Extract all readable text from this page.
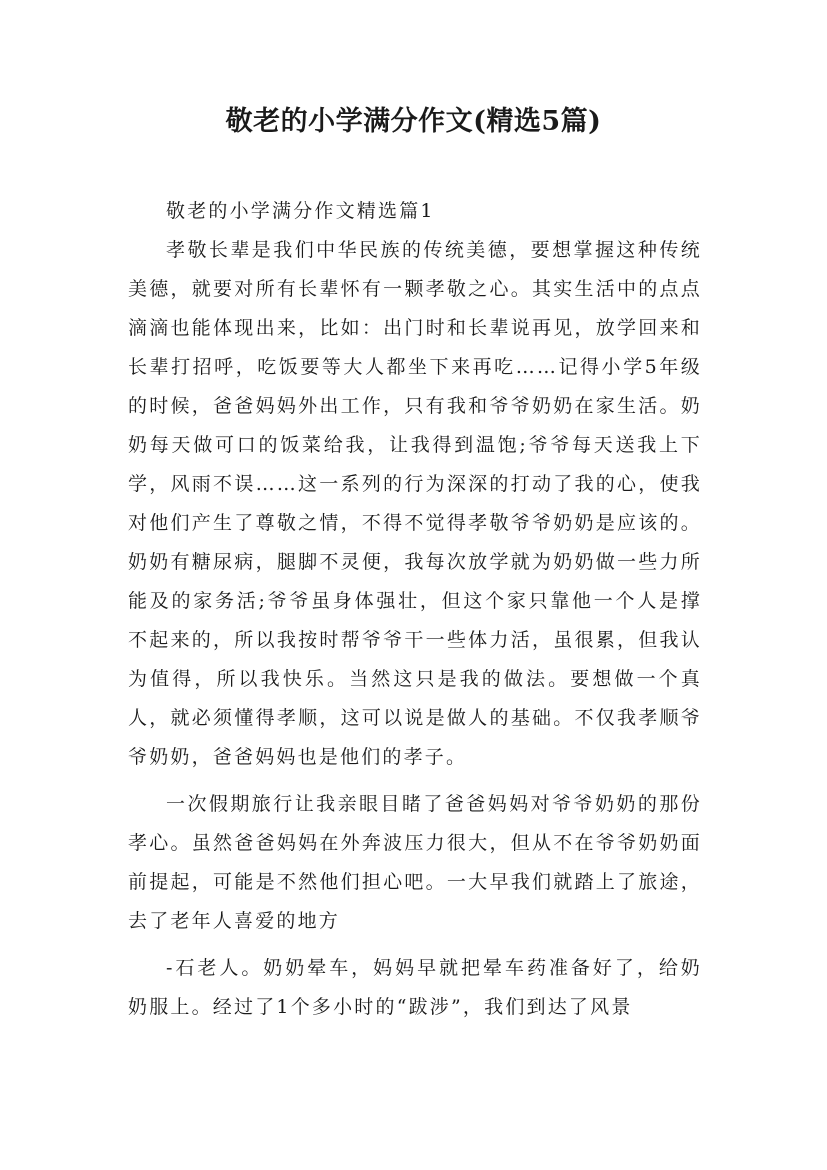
敬老的小学满分作文(精选5篇)

敬老的小学满分作文精选篇1

孝敬长辈是我们中华民族的传统美德，要想掌握这种传统美德，就要对所有长辈怀有一颗孝敬之心。其实生活中的点点滴滴也能体现出来，比如：出门时和长辈说再见，放学回来和长辈打招呼，吃饭要等大人都坐下来再吃……记得小学5年级的时候，爸爸妈妈外出工作，只有我和爷爷奶奶在家生活。奶奶每天做可口的饭菜给我，让我得到温饱;爷爷每天送我上下学，风雨不误……这一系列的行为深深的打动了我的心，使我对他们产生了尊敬之情，不得不觉得孝敬爷爷奶奶是应该的。奶奶有糖尿病，腿脚不灵便，我每次放学就为奶奶做一些力所能及的家务活;爷爷虽身体强壮，但这个家只靠他一个人是撑不起来的，所以我按时帮爷爷干一些体力活，虽很累，但我认为值得，所以我快乐。当然这只是我的做法。要想做一个真人，就必须懂得孝顺，这可以说是做人的基础。不仅我孝顺爷爷奶奶，爸爸妈妈也是他们的孝子。

一次假期旅行让我亲眼目睹了爸爸妈妈对爷爷奶奶的那份孝心。虽然爸爸妈妈在外奔波压力很大，但从不在爷爷奶奶面前提起，可能是不然他们担心吧。一大早我们就踏上了旅途，去了老年人喜爱的地方

-石老人。奶奶晕车，妈妈早就把晕车药准备好了，给奶奶服上。经过了1个多小时的“跋涉”，我们到达了风景
